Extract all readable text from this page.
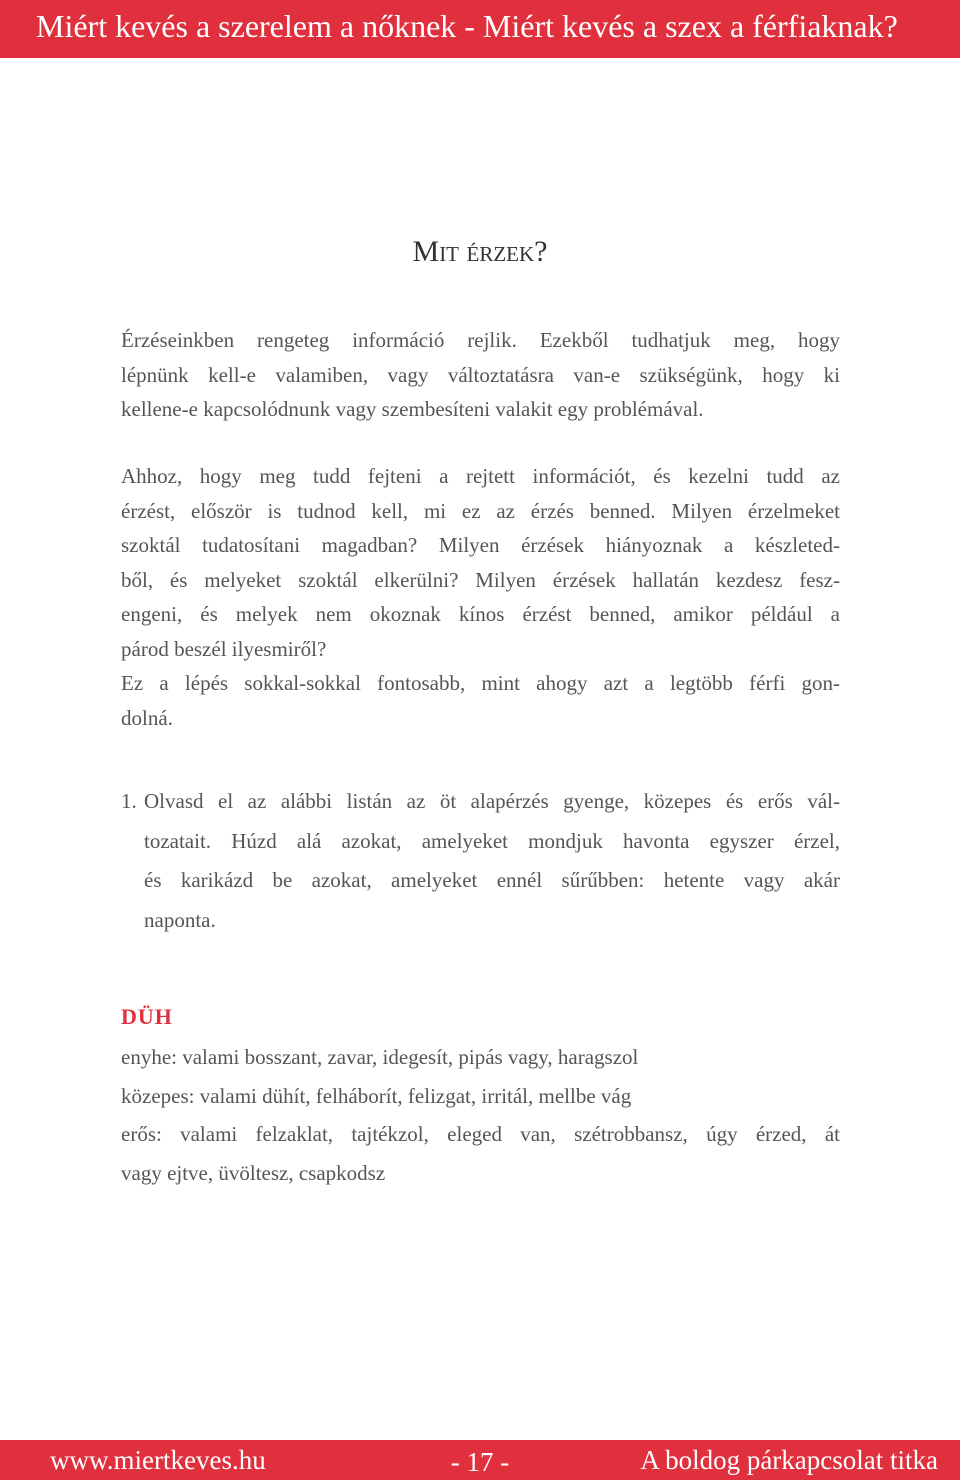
Miért kevés a szerelem a nőknek - Miért kevés a szex a férfiaknak?
Mit érzek?
Érzéseinkben rengeteg információ rejlik. Ezekből tudhatjuk meg, hogy
lépnünk kell-e valamiben, vagy változtatásra van-e szükségünk, hogy ki
kellene-e kapcsolódnunk vagy szembesíteni valakit egy problémával.
Ahhoz, hogy meg tudd fejteni a rejtett információt, és kezelni tudd az
érzést, először is tudnod kell, mi ez az érzés benned. Milyen érzelmeket
szoktál tudatosítani magadban? Milyen érzések hiányoznak a készleted-
ből, és melyeket szoktál elkerülni? Milyen érzések hallatán kezdesz fesz-
engeni, és melyek nem okoznak kínos érzést benned, amikor például a
párod beszél ilyesmiről?
Ez a lépés sokkal-sokkal fontosabb, mint ahogy azt a legtöbb férfi gon-
dolná.
1. Olvasd el az alábbi listán az öt alapérzés gyenge, közepes és erős vál-
tozatait. Húzd alá azokat, amelyeket mondjuk havonta egyszer érzel,
és karikázd be azokat, amelyeket ennél sűrűbben: hetente vagy akár
naponta.
DÜH
enyhe: valami bosszant, zavar, idegesít, pipás vagy, haragszol
közepes: valami dühít, felháborít, felizgat, irritál, mellbe vág
erős: valami felzaklat, tajtékzol, eleged van, szétrobbansz, úgy érzed, át
vagy ejtve, üvöltesz, csapkodsz
www.miertkeves.hu	- 17 -	A boldog párkapcsolat titka
